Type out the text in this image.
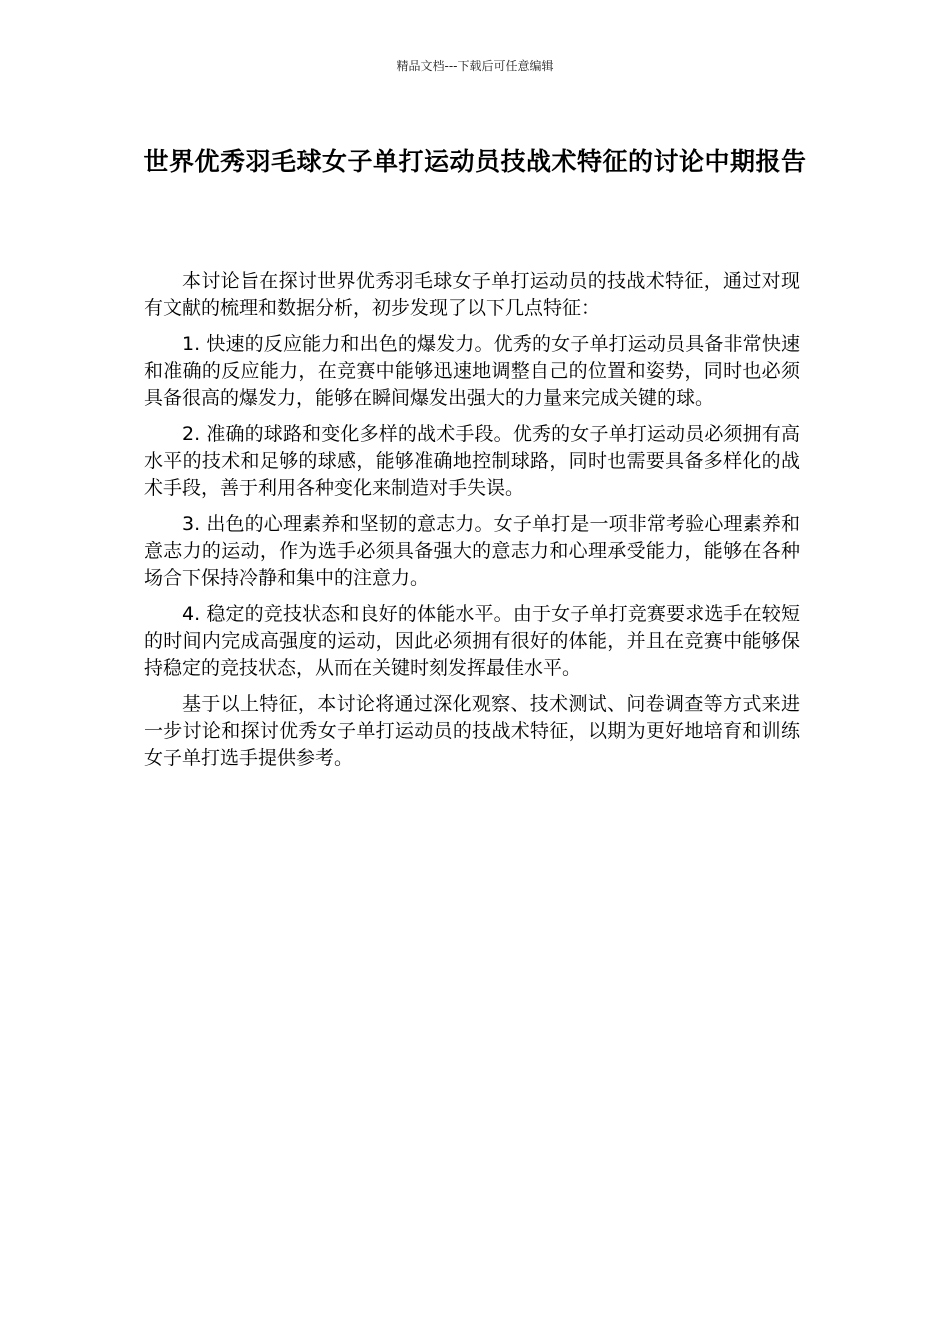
精品文档---下载后可任意编辑
世界优秀羽毛球女子单打运动员技战术特征的讨论中期报告

本讨论旨在探讨世界优秀羽毛球女子单打运动员的技战术特征，通过对现有文献的梳理和数据分析，初步发现了以下几点特征：

1. 快速的反应能力和出色的爆发力。优秀的女子单打运动员具备非常快速和准确的反应能力，在竞赛中能够迅速地调整自己的位置和姿势，同时也必须具备很高的爆发力，能够在瞬间爆发出强大的力量来完成关键的球。

2. 准确的球路和变化多样的战术手段。优秀的女子单打运动员必须拥有高水平的技术和足够的球感，能够准确地控制球路，同时也需要具备多样化的战术手段，善于利用各种变化来制造对手失误。

3. 出色的心理素养和坚韧的意志力。女子单打是一项非常考验心理素养和意志力的运动，作为选手必须具备强大的意志力和心理承受能力，能够在各种场合下保持冷静和集中的注意力。

4. 稳定的竞技状态和良好的体能水平。由于女子单打竞赛要求选手在较短的时间内完成高强度的运动，因此必须拥有很好的体能，并且在竞赛中能够保持稳定的竞技状态，从而在关键时刻发挥最佳水平。

基于以上特征，本讨论将通过深化观察、技术测试、问卷调查等方式来进一步讨论和探讨优秀女子单打运动员的技战术特征，以期为更好地培育和训练女子单打选手提供参考。
